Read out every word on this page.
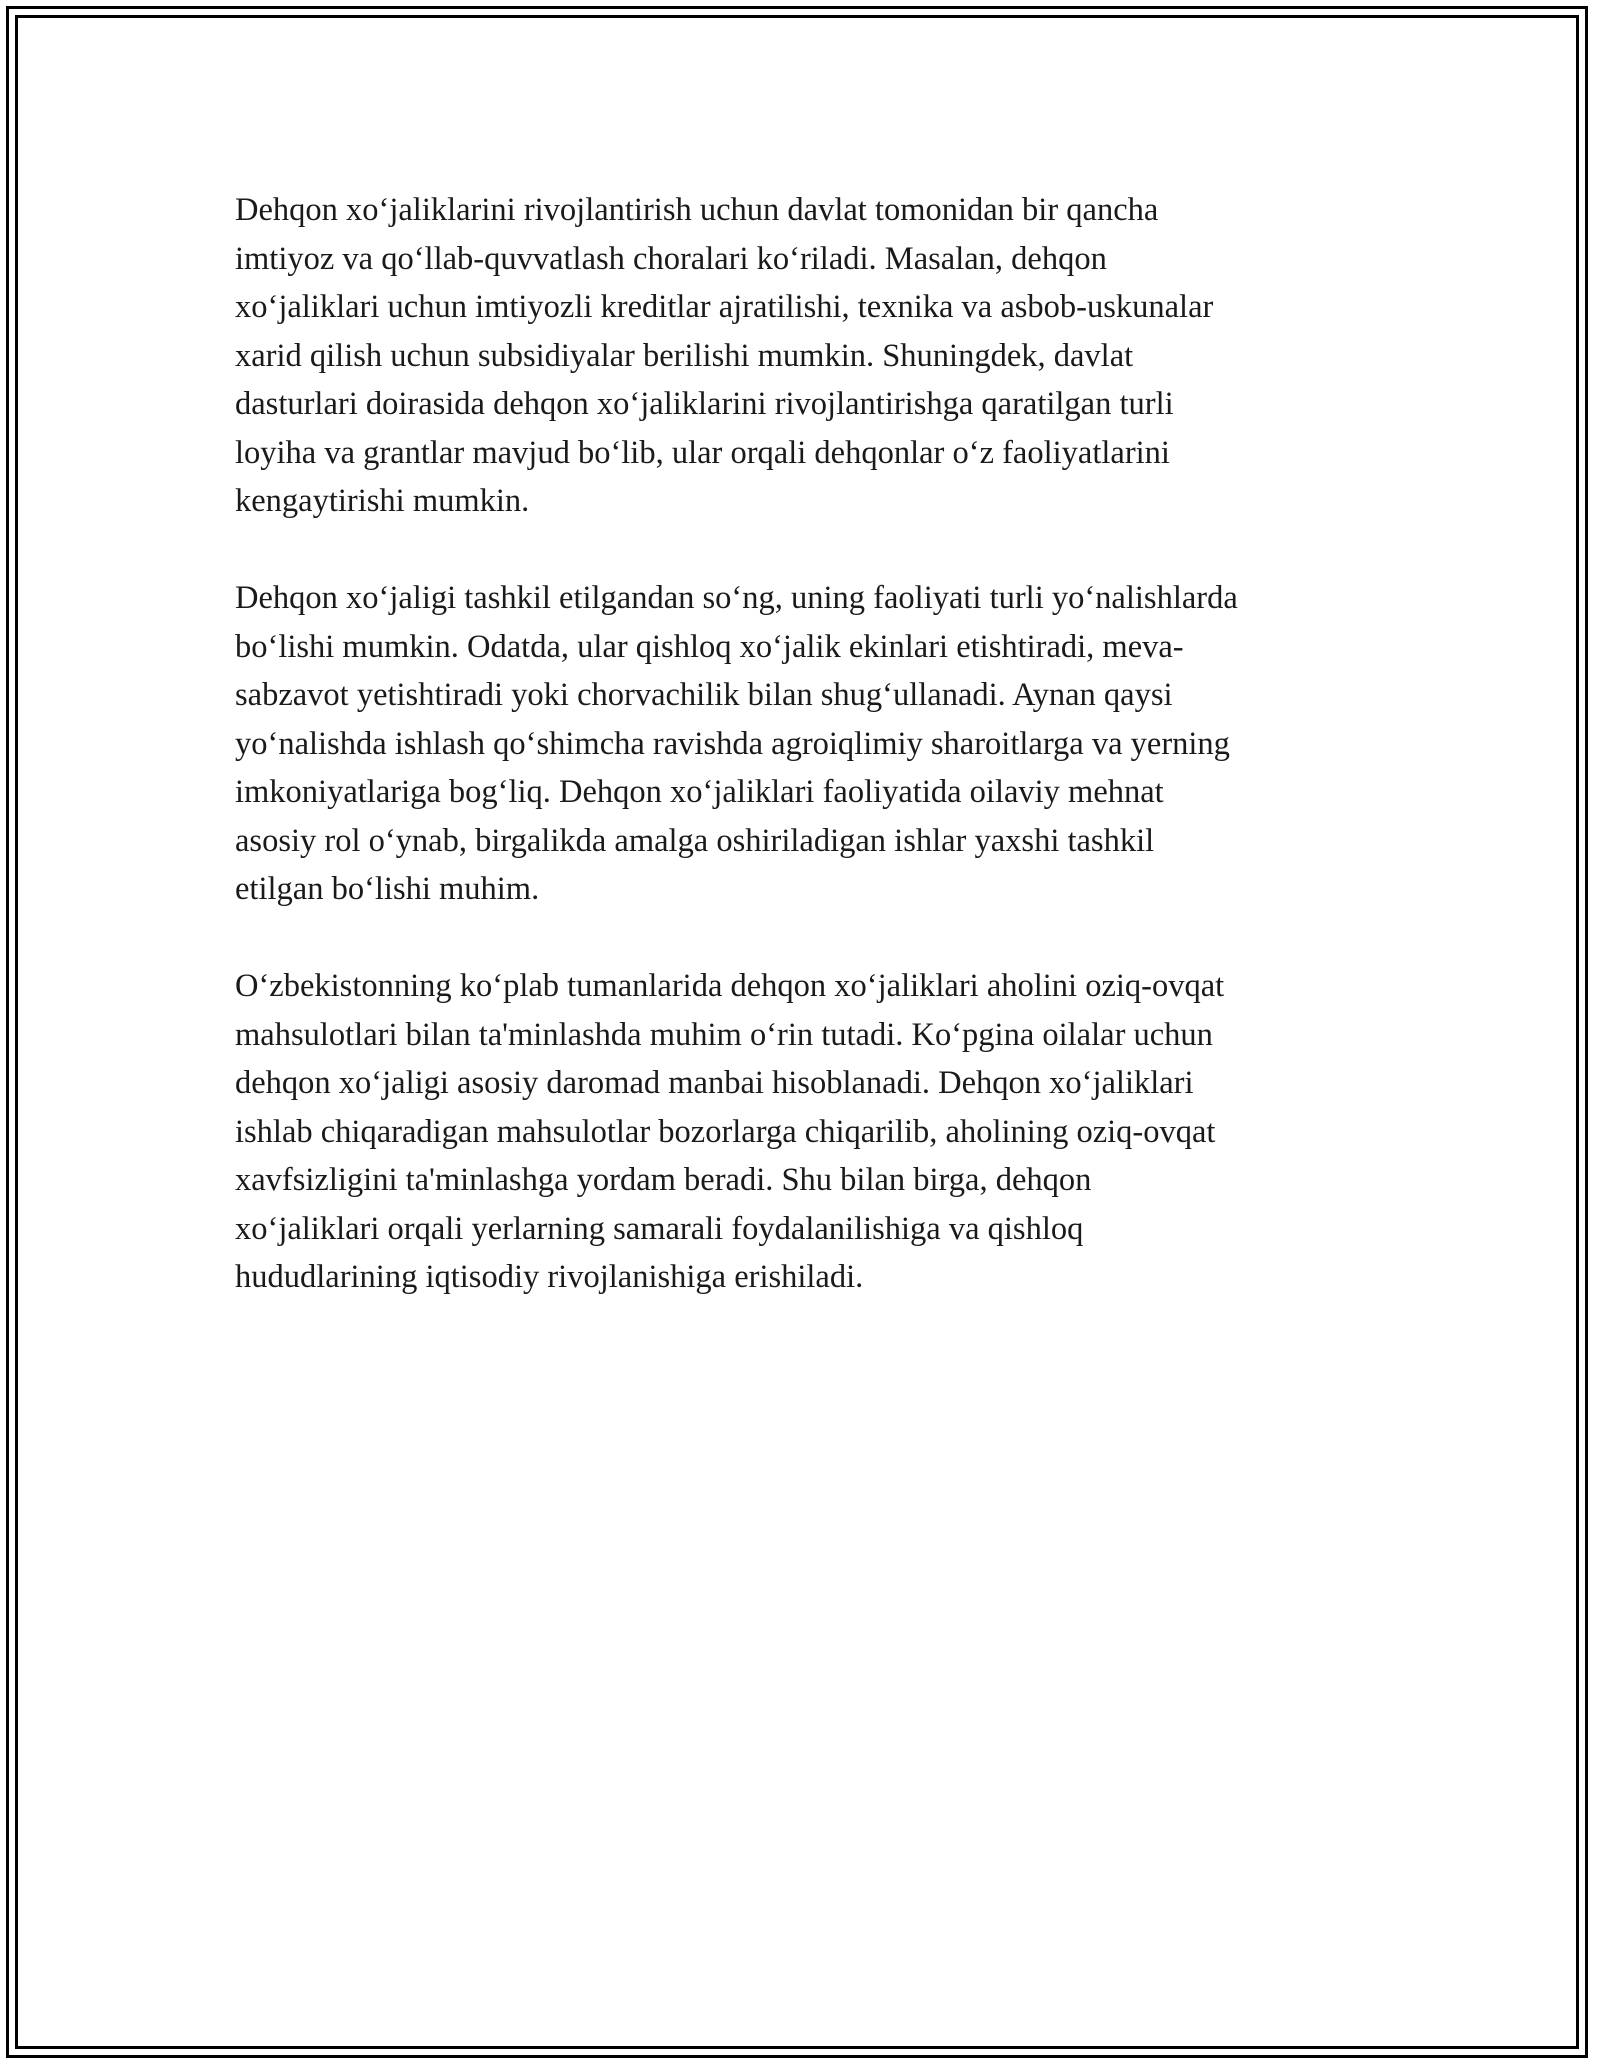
Dehqon xo‘jaliklarini rivojlantirish uchun davlat tomonidan bir qancha
imtiyoz va qo‘llab-quvvatlash choralari ko‘riladi. Masalan, dehqon
xo‘jaliklari uchun imtiyozli kreditlar ajratilishi, texnika va asbob-uskunalar
xarid qilish uchun subsidiyalar berilishi mumkin. Shuningdek, davlat
dasturlari doirasida dehqon xo‘jaliklarini rivojlantirishga qaratilgan turli
loyiha va grantlar mavjud bo‘lib, ular orqali dehqonlar o‘z faoliyatlarini
kengaytirishi mumkin.

Dehqon xo‘jaligi tashkil etilgandan so‘ng, uning faoliyati turli yo‘nalishlarda
bo‘lishi mumkin. Odatda, ular qishloq xo‘jalik ekinlari etishtiradi, meva-
sabzavot yetishtiradi yoki chorvachilik bilan shug‘ullanadi. Aynan qaysi
yo‘nalishda ishlash qo‘shimcha ravishda agroiqlimiy sharoitlarga va yerning
imkoniyatlariga bog‘liq. Dehqon xo‘jaliklari faoliyatida oilaviy mehnat
asosiy rol o‘ynab, birgalikda amalga oshiriladigan ishlar yaxshi tashkil
etilgan bo‘lishi muhim.

O‘zbekistonning ko‘plab tumanlarida dehqon xo‘jaliklari aholini oziq-ovqat
mahsulotlari bilan ta'minlashda muhim o‘rin tutadi. Ko‘pgina oilalar uchun
dehqon xo‘jaligi asosiy daromad manbai hisoblanadi. Dehqon xo‘jaliklari
ishlab chiqaradigan mahsulotlar bozorlarga chiqarilib, aholining oziq-ovqat
xavfsizligini ta'minlashga yordam beradi. Shu bilan birga, dehqon
xo‘jaliklari orqali yerlarning samarali foydalanilishiga va qishloq
hududlarining iqtisodiy rivojlanishiga erishiladi.
